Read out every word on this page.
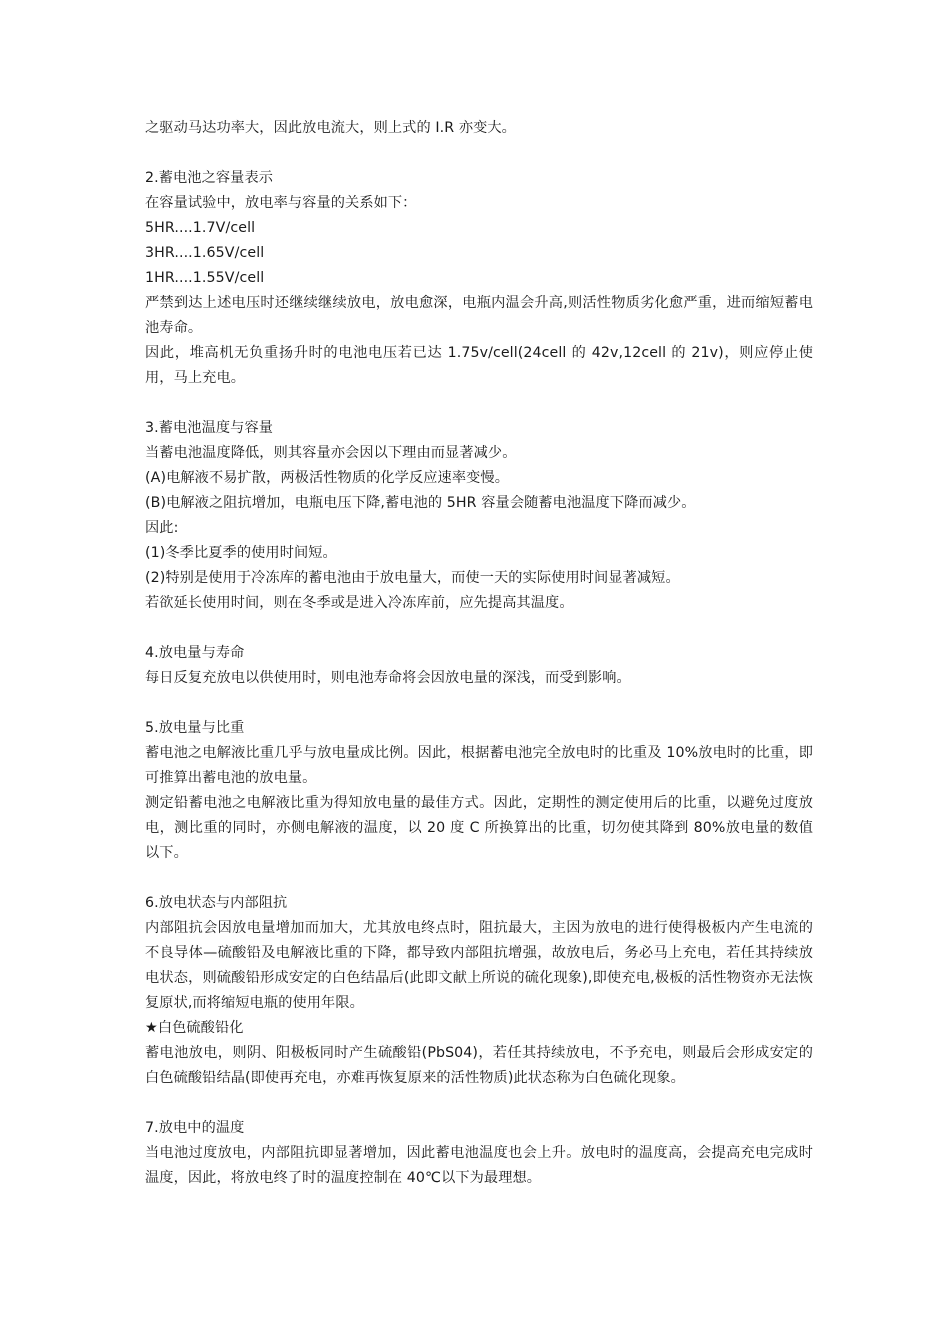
之驱动马达功率大，因此放电流大，则上式的 I.R 亦变大。

2.蓄电池之容量表示

在容量试验中，放电率与容量的关系如下：

5HR....1.7V/cell

3HR....1.65V/cell

1HR....1.55V/cell

严禁到达上述电压时还继续继续放电，放电愈深，电瓶内温会升高,则活性物质劣化愈严重，进而缩短蓄电池寿命。

因此，堆高机无负重扬升时的电池电压若已达 1.75v/cell(24cell 的 42v,12cell 的 21v)，则应停止使用，马上充电。

3.蓄电池温度与容量

当蓄电池温度降低，则其容量亦会因以下理由而显著减少。

(A)电解液不易扩散，两极活性物质的化学反应速率变慢。

(B)电解液之阻抗增加，电瓶电压下降,蓄电池的 5HR 容量会随蓄电池温度下降而减少。

因此:

(1)冬季比夏季的使用时间短。

(2)特别是使用于冷冻库的蓄电池由于放电量大，而使一天的实际使用时间显著减短。

若欲延长使用时间，则在冬季或是进入冷冻库前，应先提高其温度。

4.放电量与寿命

每日反复充放电以供使用时，则电池寿命将会因放电量的深浅，而受到影响。

5.放电量与比重

蓄电池之电解液比重几乎与放电量成比例。因此，根据蓄电池完全放电时的比重及 10%放电时的比重，即可推算出蓄电池的放电量。

测定铅蓄电池之电解液比重为得知放电量的最佳方式。因此，定期性的测定使用后的比重，以避免过度放电，测比重的同时，亦侧电解液的温度，以 20 度 C 所换算出的比重，切勿使其降到 80%放电量的数值以下。

6.放电状态与内部阻抗

内部阻抗会因放电量增加而加大，尤其放电终点时，阻抗最大，主因为放电的进行使得极板内产生电流的不良导体—硫酸铅及电解液比重的下降，都导致内部阻抗增强，故放电后，务必马上充电，若任其持续放电状态，则硫酸铅形成安定的白色结晶后(此即文献上所说的硫化现象),即使充电,极板的活性物资亦无法恢复原状,而将缩短电瓶的使用年限。

★白色硫酸铅化

蓄电池放电，则阴、阳极板同时产生硫酸铅(PbS04)，若任其持续放电，不予充电，则最后会形成安定的白色硫酸铅结晶(即使再充电，亦难再恢复原来的活性物质)此状态称为白色硫化现象。

7.放电中的温度

当电池过度放电，内部阻抗即显著增加，因此蓄电池温度也会上升。放电时的温度高，会提高充电完成时温度，因此，将放电终了时的温度控制在 40℃以下为最理想。
